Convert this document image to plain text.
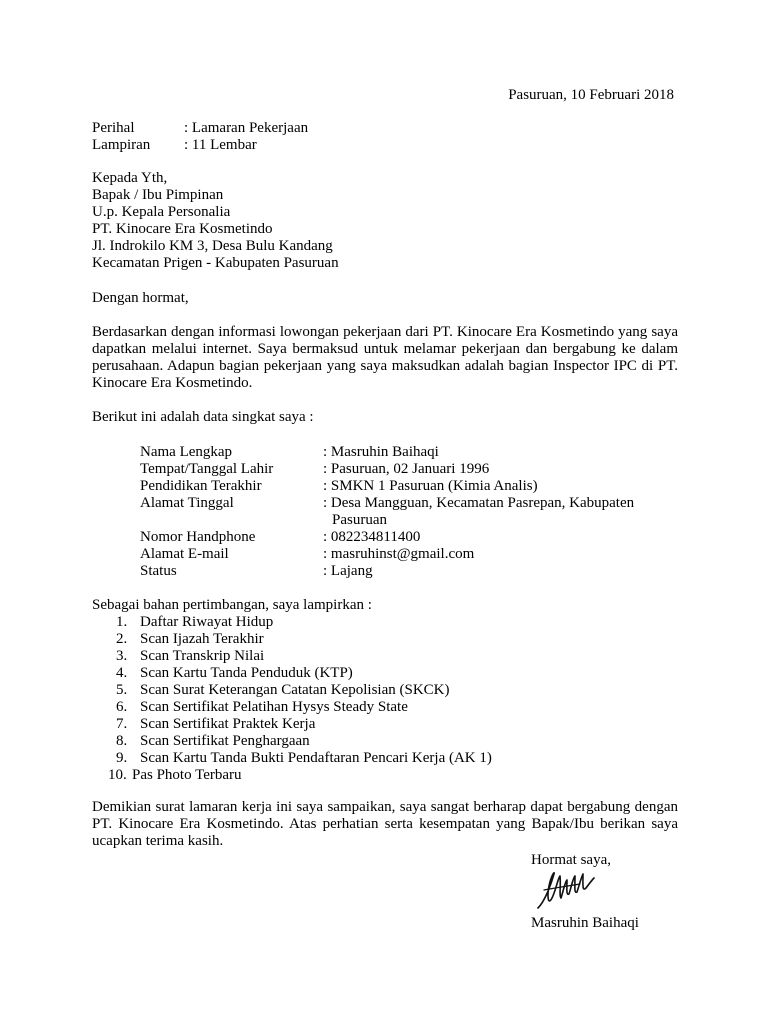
Pasuruan, 10 Februari 2018
Perihal	: Lamaran Pekerjaan
Lampiran	: 11 Lembar
Kepada Yth,
Bapak / Ibu Pimpinan
U.p. Kepala Personalia
PT. Kinocare Era Kosmetindo
Jl. Indrokilo KM 3, Desa Bulu Kandang
Kecamatan Prigen - Kabupaten Pasuruan
Dengan hormat,
Berdasarkan dengan informasi lowongan pekerjaan dari PT. Kinocare Era Kosmetindo yang saya dapatkan melalui internet. Saya bermaksud untuk melamar pekerjaan dan bergabung ke dalam perusahaan. Adapun bagian pekerjaan yang saya maksudkan adalah bagian Inspector IPC di PT. Kinocare Era Kosmetindo.
Berikut ini adalah data singkat saya :
Nama Lengkap	: Masruhin Baihaqi
Tempat/Tanggal Lahir	: Pasuruan, 02 Januari 1996
Pendidikan Terakhir	: SMKN 1 Pasuruan (Kimia Analis)
Alamat Tinggal	: Desa Mangguan, Kecamatan Pasrepan, Kabupaten
Pasuruan
Nomor Handphone	: 082234811400
Alamat E-mail	: masruhinst@gmail.com
Status	: Lajang
Sebagai bahan pertimbangan, saya lampirkan :
1. Daftar Riwayat Hidup
2. Scan Ijazah Terakhir
3. Scan Transkrip Nilai
4. Scan Kartu Tanda Penduduk (KTP)
5. Scan Surat Keterangan Catatan Kepolisian (SKCK)
6. Scan Sertifikat Pelatihan Hysys Steady State
7. Scan Sertifikat Praktek Kerja
8. Scan Sertifikat Penghargaan
9. Scan Kartu Tanda Bukti Pendaftaran Pencari Kerja (AK 1)
10. Pas Photo Terbaru
Demikian surat lamaran kerja ini saya sampaikan, saya sangat berharap dapat bergabung dengan PT. Kinocare Era Kosmetindo. Atas perhatian serta kesempatan yang Bapak/Ibu berikan saya ucapkan terima kasih.
Hormat saya,
Masruhin Baihaqi
